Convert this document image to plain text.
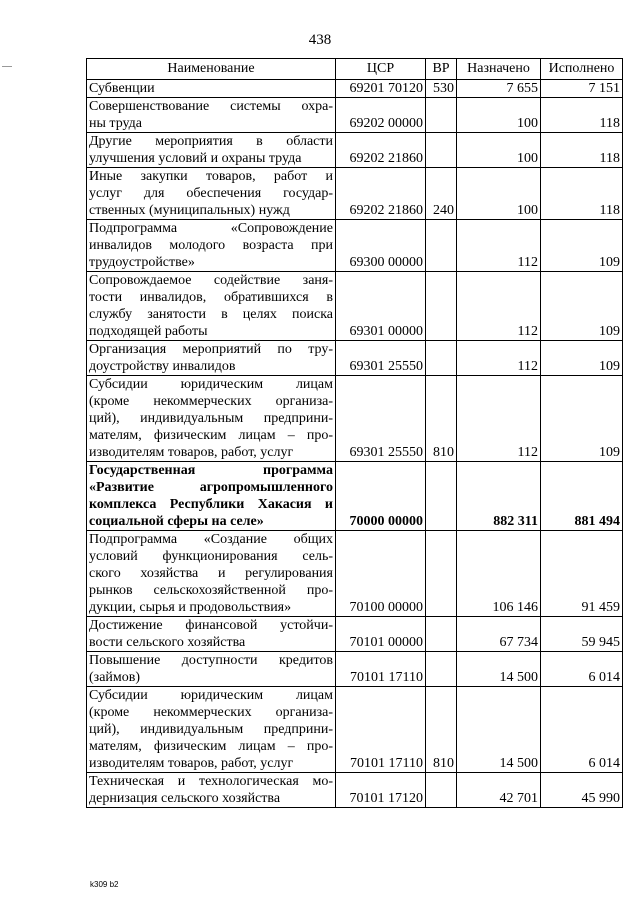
438
Наименование	ЦСР	ВР	Назначено	Исполнено

Субвенции	69201 70120	530	7 655	7 151

Совершенствование системы охра-
ны труда	69202 00000		100	118

Другие мероприятия в области
улучшения условий и охраны труда	69202 21860		100	118

Иные закупки товаров, работ и
услуг для обеспечения государ-
ственных (муниципальных) нужд	69202 21860	240	100	118

Подпрограмма «Сопровождение
инвалидов молодого возраста при
трудоустройстве»	69300 00000		112	109

Сопровождаемое содействие заня-
тости инвалидов, обратившихся в
службу занятости в целях поиска
подходящей работы	69301 00000		112	109

Организация мероприятий по тру-
доустройству инвалидов	69301 25550		112	109

Субсидии юридическим лицам
(кроме некоммерческих организа-
ций), индивидуальным предприни-
мателям, физическим лицам – про-
изводителям товаров, работ, услуг	69301 25550	810	112	109

Государственная программа
«Развитие агропромышленного
комплекса Республики Хакасия и
социальной сферы на селе»	70000 00000		882 311	881 494

Подпрограмма «Создание общих
условий функционирования сель-
ского хозяйства и регулирования
рынков сельскохозяйственной про-
дукции, сырья и продовольствия»	70100 00000		106 146	91 459

Достижение финансовой устойчи-
вости сельского хозяйства	70101 00000		67 734	59 945

Повышение доступности кредитов
(займов)	70101 17110		14 500	6 014

Субсидии юридическим лицам
(кроме некоммерческих организа-
ций), индивидуальным предприни-
мателям, физическим лицам – про-
изводителям товаров, работ, услуг	70101 17110	810	14 500	6 014

Техническая и технологическая мо-
дернизация сельского хозяйства	70101 17120		42 701	45 990
k309 b2
